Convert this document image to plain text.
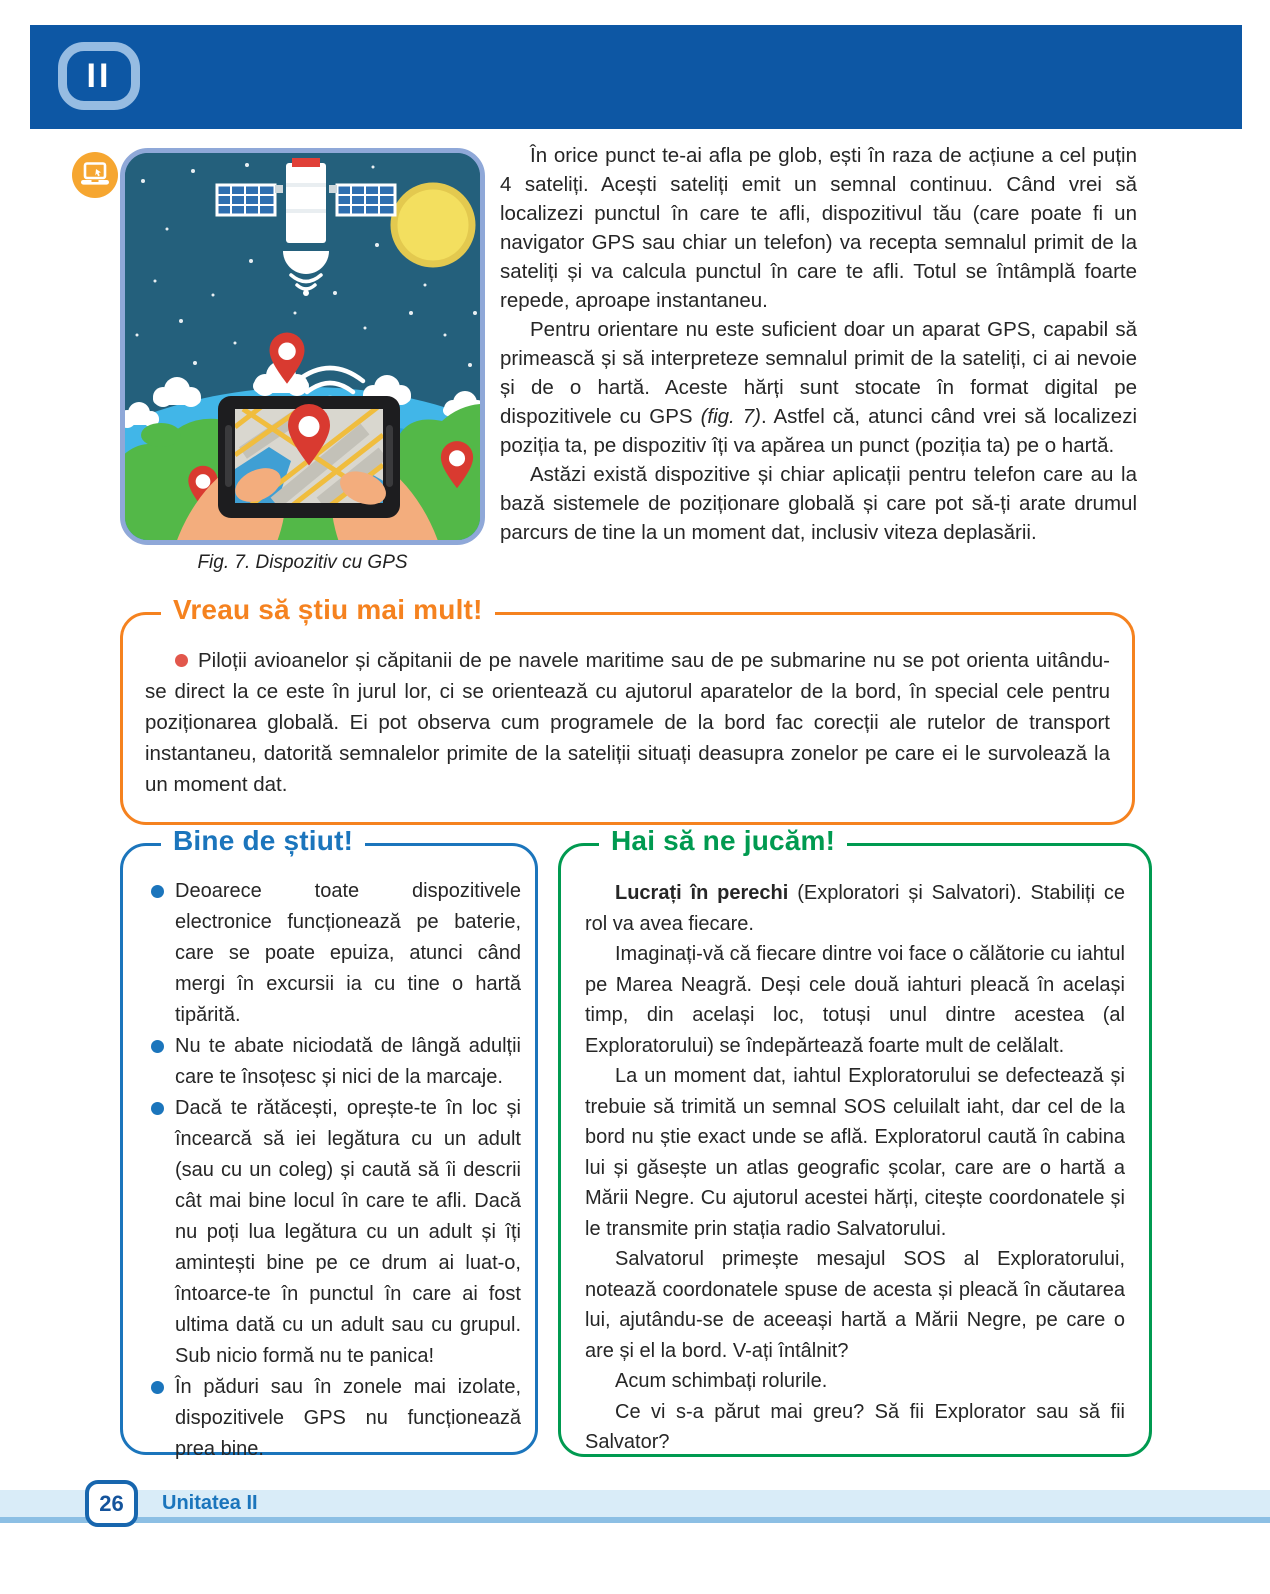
II
Fig. 7. Dispozitiv cu GPS

În orice punct te-ai afla pe glob, ești în raza de acțiune a cel puțin 4 sateliți. Acești sateliți emit un semnal continuu. Când vrei să localizezi punctul în care te afli, dispozitivul tău (care poate fi un navigator GPS sau chiar un telefon) va recepta semnalul primit de la sateliți și va calcula punctul în care te afli. Totul se întâmplă foarte repede, aproape instantaneu.

Pentru orientare nu este suficient doar un aparat GPS, capabil să primească și să interpreteze semnalul primit de la sateliți, ci ai nevoie și de o hartă. Aceste hărți sunt stocate în format digital pe dispozitivele cu GPS (fig. 7). Astfel că, atunci când vrei să localizezi poziția ta, pe dispozitiv îți va apărea un punct (poziția ta) pe o hartă.

Astăzi există dispozitive și chiar aplicații pentru telefon care au la bază sistemele de poziționare globală și care pot să-ți arate drumul parcurs de tine la un moment dat, inclusiv viteza deplasării.

Vreau să știu mai mult!

Piloții avioanelor și căpitanii de pe navele maritime sau de pe submarine nu se pot orienta uitându-se direct la ce este în jurul lor, ci se orientează cu ajutorul aparatelor de la bord, în special cele pentru poziționarea globală. Ei pot observa cum programele de la bord fac corecții ale rutelor de transport instantaneu, datorită semnalelor primite de la sateliții situați deasupra zonelor pe care ei le survolează la un moment dat.

Bine de știut!
Deoarece toate dispozitivele electronice funcționează pe baterie, care se poate epuiza, atunci când mergi în excursii ia cu tine o hartă tipărită.
Nu te abate niciodată de lângă adulții care te însoțesc și nici de la marcaje.
Dacă te rătăcești, oprește-te în loc și încearcă să iei legătura cu un adult (sau cu un coleg) și caută să îi descrii cât mai bine locul în care te afli. Dacă nu poți lua legătura cu un adult și îți amintești bine pe ce drum ai luat-o, întoarce-te în punctul în care ai fost ultima dată cu un adult sau cu grupul. Sub nicio formă nu te panica!
În păduri sau în zonele mai izolate, dispozitivele GPS nu funcționează prea bine.
Hai să ne jucăm!

Lucrați în perechi (Exploratori și Salvatori). Stabiliți ce rol va avea fiecare.

Imaginați-vă că fiecare dintre voi face o călătorie cu iahtul pe Marea Neagră. Deși cele două iahturi pleacă în același timp, din același loc, totuși unul dintre acestea (al Exploratorului) se îndepărtează foarte mult de celălalt.

La un moment dat, iahtul Exploratorului se defectează și trebuie să trimită un semnal SOS celuilalt iaht, dar cel de la bord nu știe exact unde se află. Exploratorul caută în cabina lui și găsește un atlas geografic școlar, care are o hartă a Mării Negre. Cu ajutorul acestei hărți, citește coordonatele și le transmite prin stația radio Salvatorului.

Salvatorul primește mesajul SOS al Exploratorului, notează coordonatele spuse de acesta și pleacă în căutarea lui, ajutându-se de aceeași hartă a Mării Negre, pe care o are și el la bord. V-ați întâlnit?

Acum schimbați rolurile.

Ce vi s-a părut mai greu? Să fii Explorator sau să fii Salvator?

26 Unitatea II
